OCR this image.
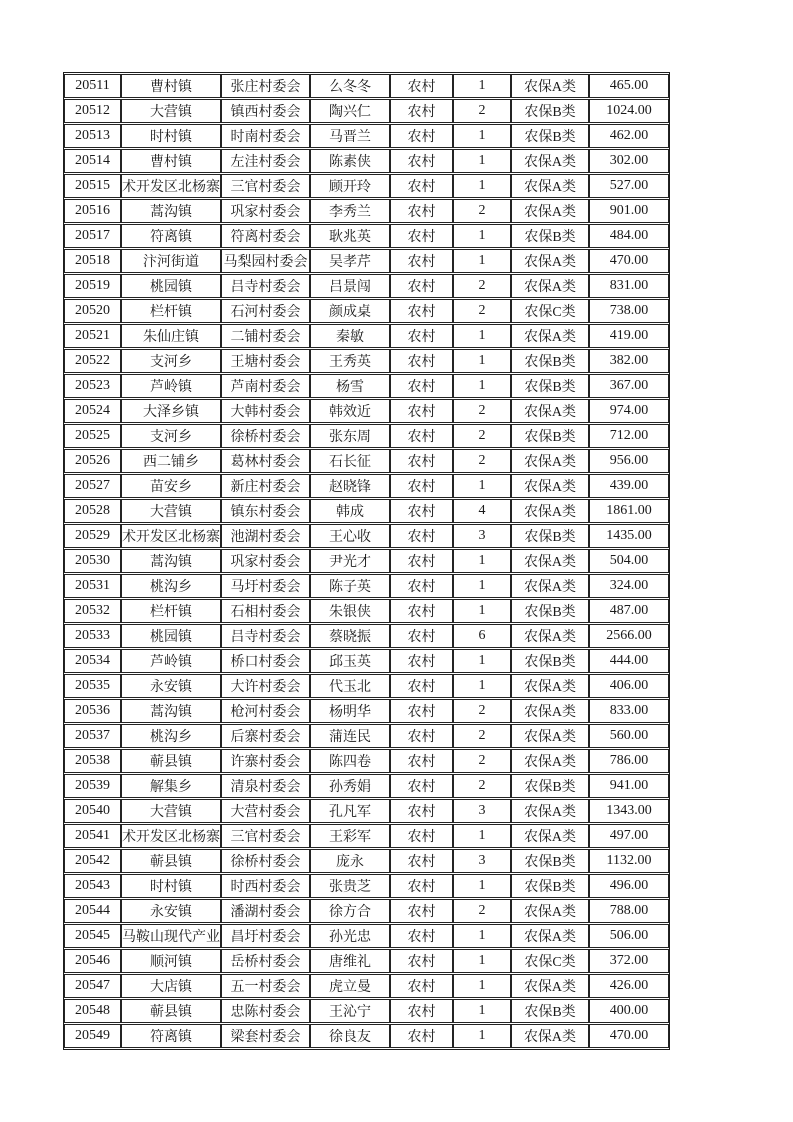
20511	曹村镇	张庄村委会	么冬冬	农村	1	农保A类	465.00
20512	大营镇	镇西村委会	陶兴仁	农村	2	农保B类	1024.00
20513	时村镇	时南村委会	马晋兰	农村	1	农保B类	462.00
20514	曹村镇	左洼村委会	陈素侠	农村	1	农保A类	302.00
20515	术开发区北杨寨	三官村委会	顾开玲	农村	1	农保A类	527.00
20516	蒿沟镇	巩家村委会	李秀兰	农村	2	农保A类	901.00
20517	符离镇	符离村委会	耿兆英	农村	1	农保B类	484.00
20518	汴河街道	马梨园村委会	吴孝芹	农村	1	农保A类	470.00
20519	桃园镇	吕寺村委会	吕景闯	农村	2	农保A类	831.00
20520	栏杆镇	石河村委会	颜成桌	农村	2	农保C类	738.00
20521	朱仙庄镇	二铺村委会	秦敏	农村	1	农保A类	419.00
20522	支河乡	王塘村委会	王秀英	农村	1	农保B类	382.00
20523	芦岭镇	芦南村委会	杨雪	农村	1	农保B类	367.00
20524	大泽乡镇	大韩村委会	韩效近	农村	2	农保A类	974.00
20525	支河乡	徐桥村委会	张东周	农村	2	农保B类	712.00
20526	西二铺乡	葛林村委会	石长征	农村	2	农保A类	956.00
20527	苗安乡	新庄村委会	赵晓锋	农村	1	农保A类	439.00
20528	大营镇	镇东村委会	韩成	农村	4	农保A类	1861.00
20529	术开发区北杨寨	池湖村委会	王心收	农村	3	农保B类	1435.00
20530	蒿沟镇	巩家村委会	尹光才	农村	1	农保A类	504.00
20531	桃沟乡	马圩村委会	陈子英	农村	1	农保A类	324.00
20532	栏杆镇	石相村委会	朱银侠	农村	1	农保B类	487.00
20533	桃园镇	吕寺村委会	蔡晓振	农村	6	农保A类	2566.00
20534	芦岭镇	桥口村委会	邱玉英	农村	1	农保B类	444.00
20535	永安镇	大许村委会	代玉北	农村	1	农保A类	406.00
20536	蒿沟镇	枪河村委会	杨明华	农村	2	农保A类	833.00
20537	桃沟乡	后寨村委会	蒲连民	农村	2	农保A类	560.00
20538	蕲县镇	许寨村委会	陈四卷	农村	2	农保A类	786.00
20539	解集乡	清泉村委会	孙秀娟	农村	2	农保B类	941.00
20540	大营镇	大营村委会	孔凡军	农村	3	农保A类	1343.00
20541	术开发区北杨寨	三官村委会	王彩军	农村	1	农保A类	497.00
20542	蕲县镇	徐桥村委会	庞永	农村	3	农保B类	1132.00
20543	时村镇	时西村委会	张贵芝	农村	1	农保B类	496.00
20544	永安镇	潘湖村委会	徐方合	农村	2	农保A类	788.00
20545	马鞍山现代产业	昌圩村委会	孙光忠	农村	1	农保A类	506.00
20546	顺河镇	岳桥村委会	唐维礼	农村	1	农保C类	372.00
20547	大店镇	五一村委会	虎立曼	农村	1	农保A类	426.00
20548	蕲县镇	忠陈村委会	王沁宁	农村	1	农保B类	400.00
20549	符离镇	梁套村委会	徐良友	农村	1	农保A类	470.00
